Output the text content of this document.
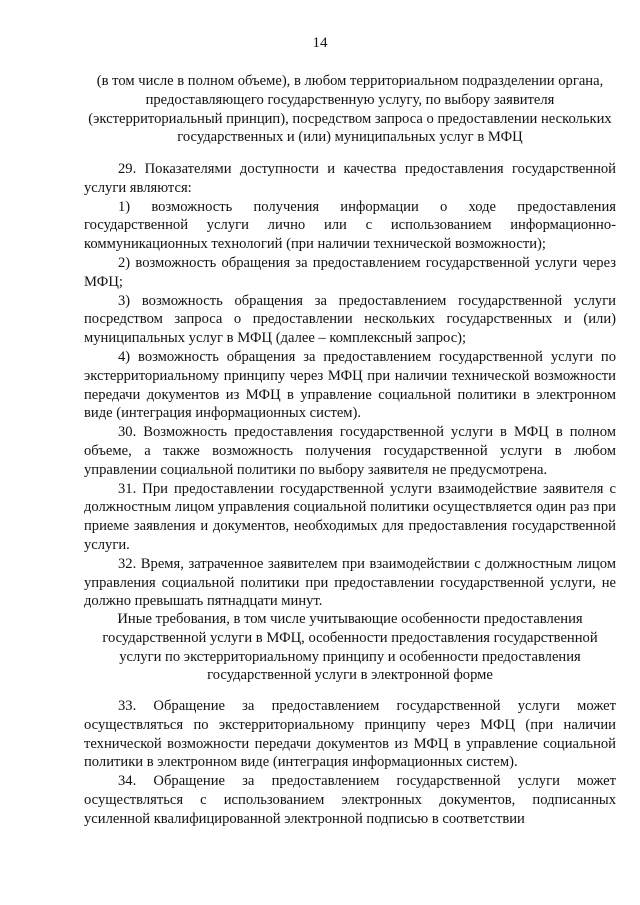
14
(в том числе в полном объеме), в любом территориальном подразделении органа, предоставляющего государственную услугу, по выбору заявителя (экстерриториальный принцип), посредством запроса о предоставлении нескольких государственных и (или) муниципальных услуг в МФЦ

29. Показателями доступности и качества предоставления государственной услуги являются:

1) возможность получения информации о ходе предоставления государственной услуги лично или с использованием информационно-коммуникационных технологий (при наличии технической возможности);

2) возможность обращения за предоставлением государственной услуги через МФЦ;

3) возможность обращения за предоставлением государственной услуги посредством запроса о предоставлении нескольких государственных и (или) муниципальных услуг в МФЦ (далее – комплексный запрос);

4) возможность обращения за предоставлением государственной услуги по экстерриториальному принципу через МФЦ при наличии технической возможности передачи документов из МФЦ в управление социальной политики в электронном виде (интеграция информационных систем).

30. Возможность предоставления государственной услуги в МФЦ в полном объеме, а также возможность получения государственной услуги в любом управлении социальной политики по выбору заявителя не предусмотрена.

31. При предоставлении государственной услуги взаимодействие заявителя с должностным лицом управления социальной политики осуществляется один раз при приеме заявления и документов, необходимых для предоставления государственной услуги.

32. Время, затраченное заявителем при взаимодействии с должностным лицом управления социальной политики при предоставлении государственной услуги, не должно превышать пятнадцати минут.

Иные требования, в том числе учитывающие особенности предоставления государственной услуги в МФЦ, особенности предоставления государственной услуги по экстерриториальному принципу и особенности предоставления государственной услуги в электронной форме

33. Обращение за предоставлением государственной услуги может осуществляться по экстерриториальному принципу через МФЦ (при наличии технической возможности передачи документов из МФЦ в управление социальной политики в электронном виде (интеграция информационных систем).

34. Обращение за предоставлением государственной услуги может осуществляться с использованием электронных документов, подписанных усиленной квалифицированной электронной подписью в соответствии
